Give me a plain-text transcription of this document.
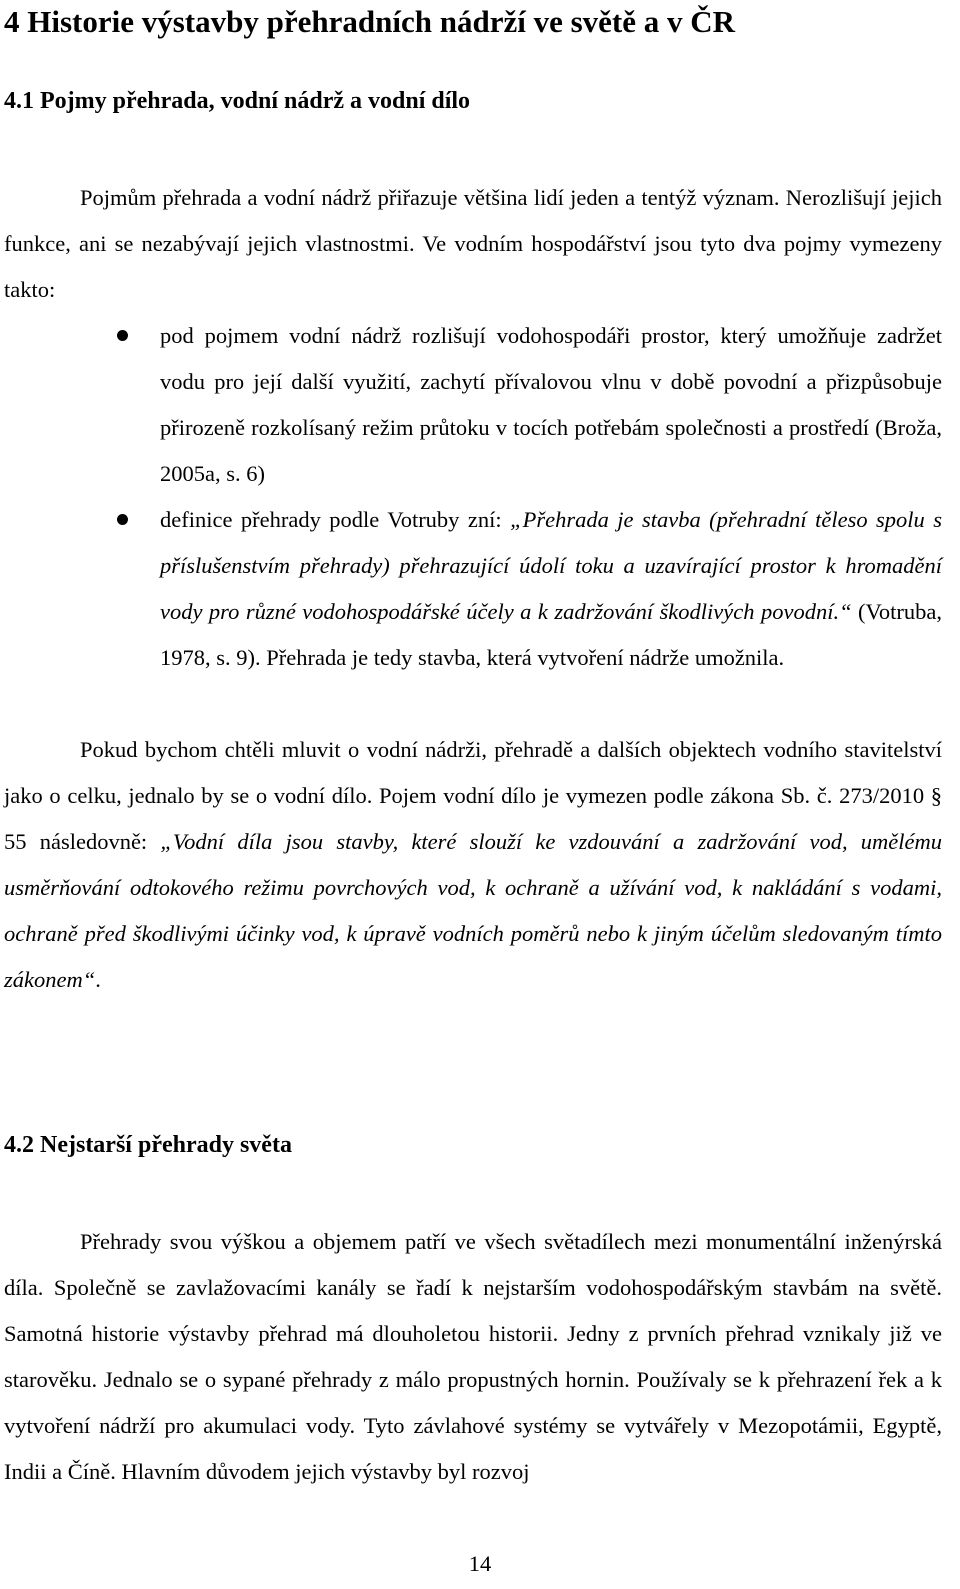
4 Historie výstavby přehradních nádrží ve světě a v ČR
4.1 Pojmy přehrada, vodní nádrž a vodní dílo

Pojmům přehrada a vodní nádrž přiřazuje většina lidí jeden a tentýž význam. Nerozlišují jejich funkce, ani se nezabývají jejich vlastnostmi. Ve vodním hospodářství jsou tyto dva pojmy vymezeny takto:

pod pojmem vodní nádrž rozlišují vodohospodáři prostor, který umožňuje zadržet vodu pro její další využití, zachytí přívalovou vlnu v době povodní a přizpůsobuje přirozeně rozkolísaný režim průtoku v tocích potřebám společnosti a prostředí (Brožа, 2005a, s. 6)
definice přehrady podle Votruby zní: „Přehrada je stavba (přehradní těleso spolu s příslušenstvím přehrady) přehrazující údolí toku a uzavírající prostor k hromadění vody pro různé vodohospodářské účely a k zadržování škodlivých povodní.“ (Votruba, 1978, s. 9). Přehrada je tedy stavba, která vytvoření nádrže umožnila.

Pokud bychom chtěli mluvit o vodní nádrži, přehradě a dalších objektech vodního stavitelství jako o celku, jednalo by se o vodní dílo. Pojem vodní dílo je vymezen podle zákona Sb. č. 273/2010 § 55 následovně: „Vodní díla jsou stavby, které slouží ke vzdouvání a zadržování vod, umělému usměrňování odtokového režimu povrchových vod, k ochraně a užívání vod, k nakládání s vodami, ochraně před škodlivými účinky vod, k úpravě vodních poměrů nebo k jiným účelům sledovaným tímto zákonem“.

4.2 Nejstarší přehrady světa

Přehrady svou výškou a objemem patří ve všech světadílech mezi monumentální inženýrská díla. Společně se zavlažovacími kanály se řadí k nejstarším vodohospodářským stavbám na světě. Samotná historie výstavby přehrad má dlouholetou historii. Jedny z prvních přehrad vznikaly již ve starověku. Jednalo se o sypané přehrady z málo propustných hornin. Používaly se k přehrazení řek a k vytvoření nádrží pro akumulaci vody. Tyto závlahové systémy se vytvářely v Mezopotámii, Egyptě, Indii a Číně. Hlavním důvodem jejich výstavby byl rozvoj

14
